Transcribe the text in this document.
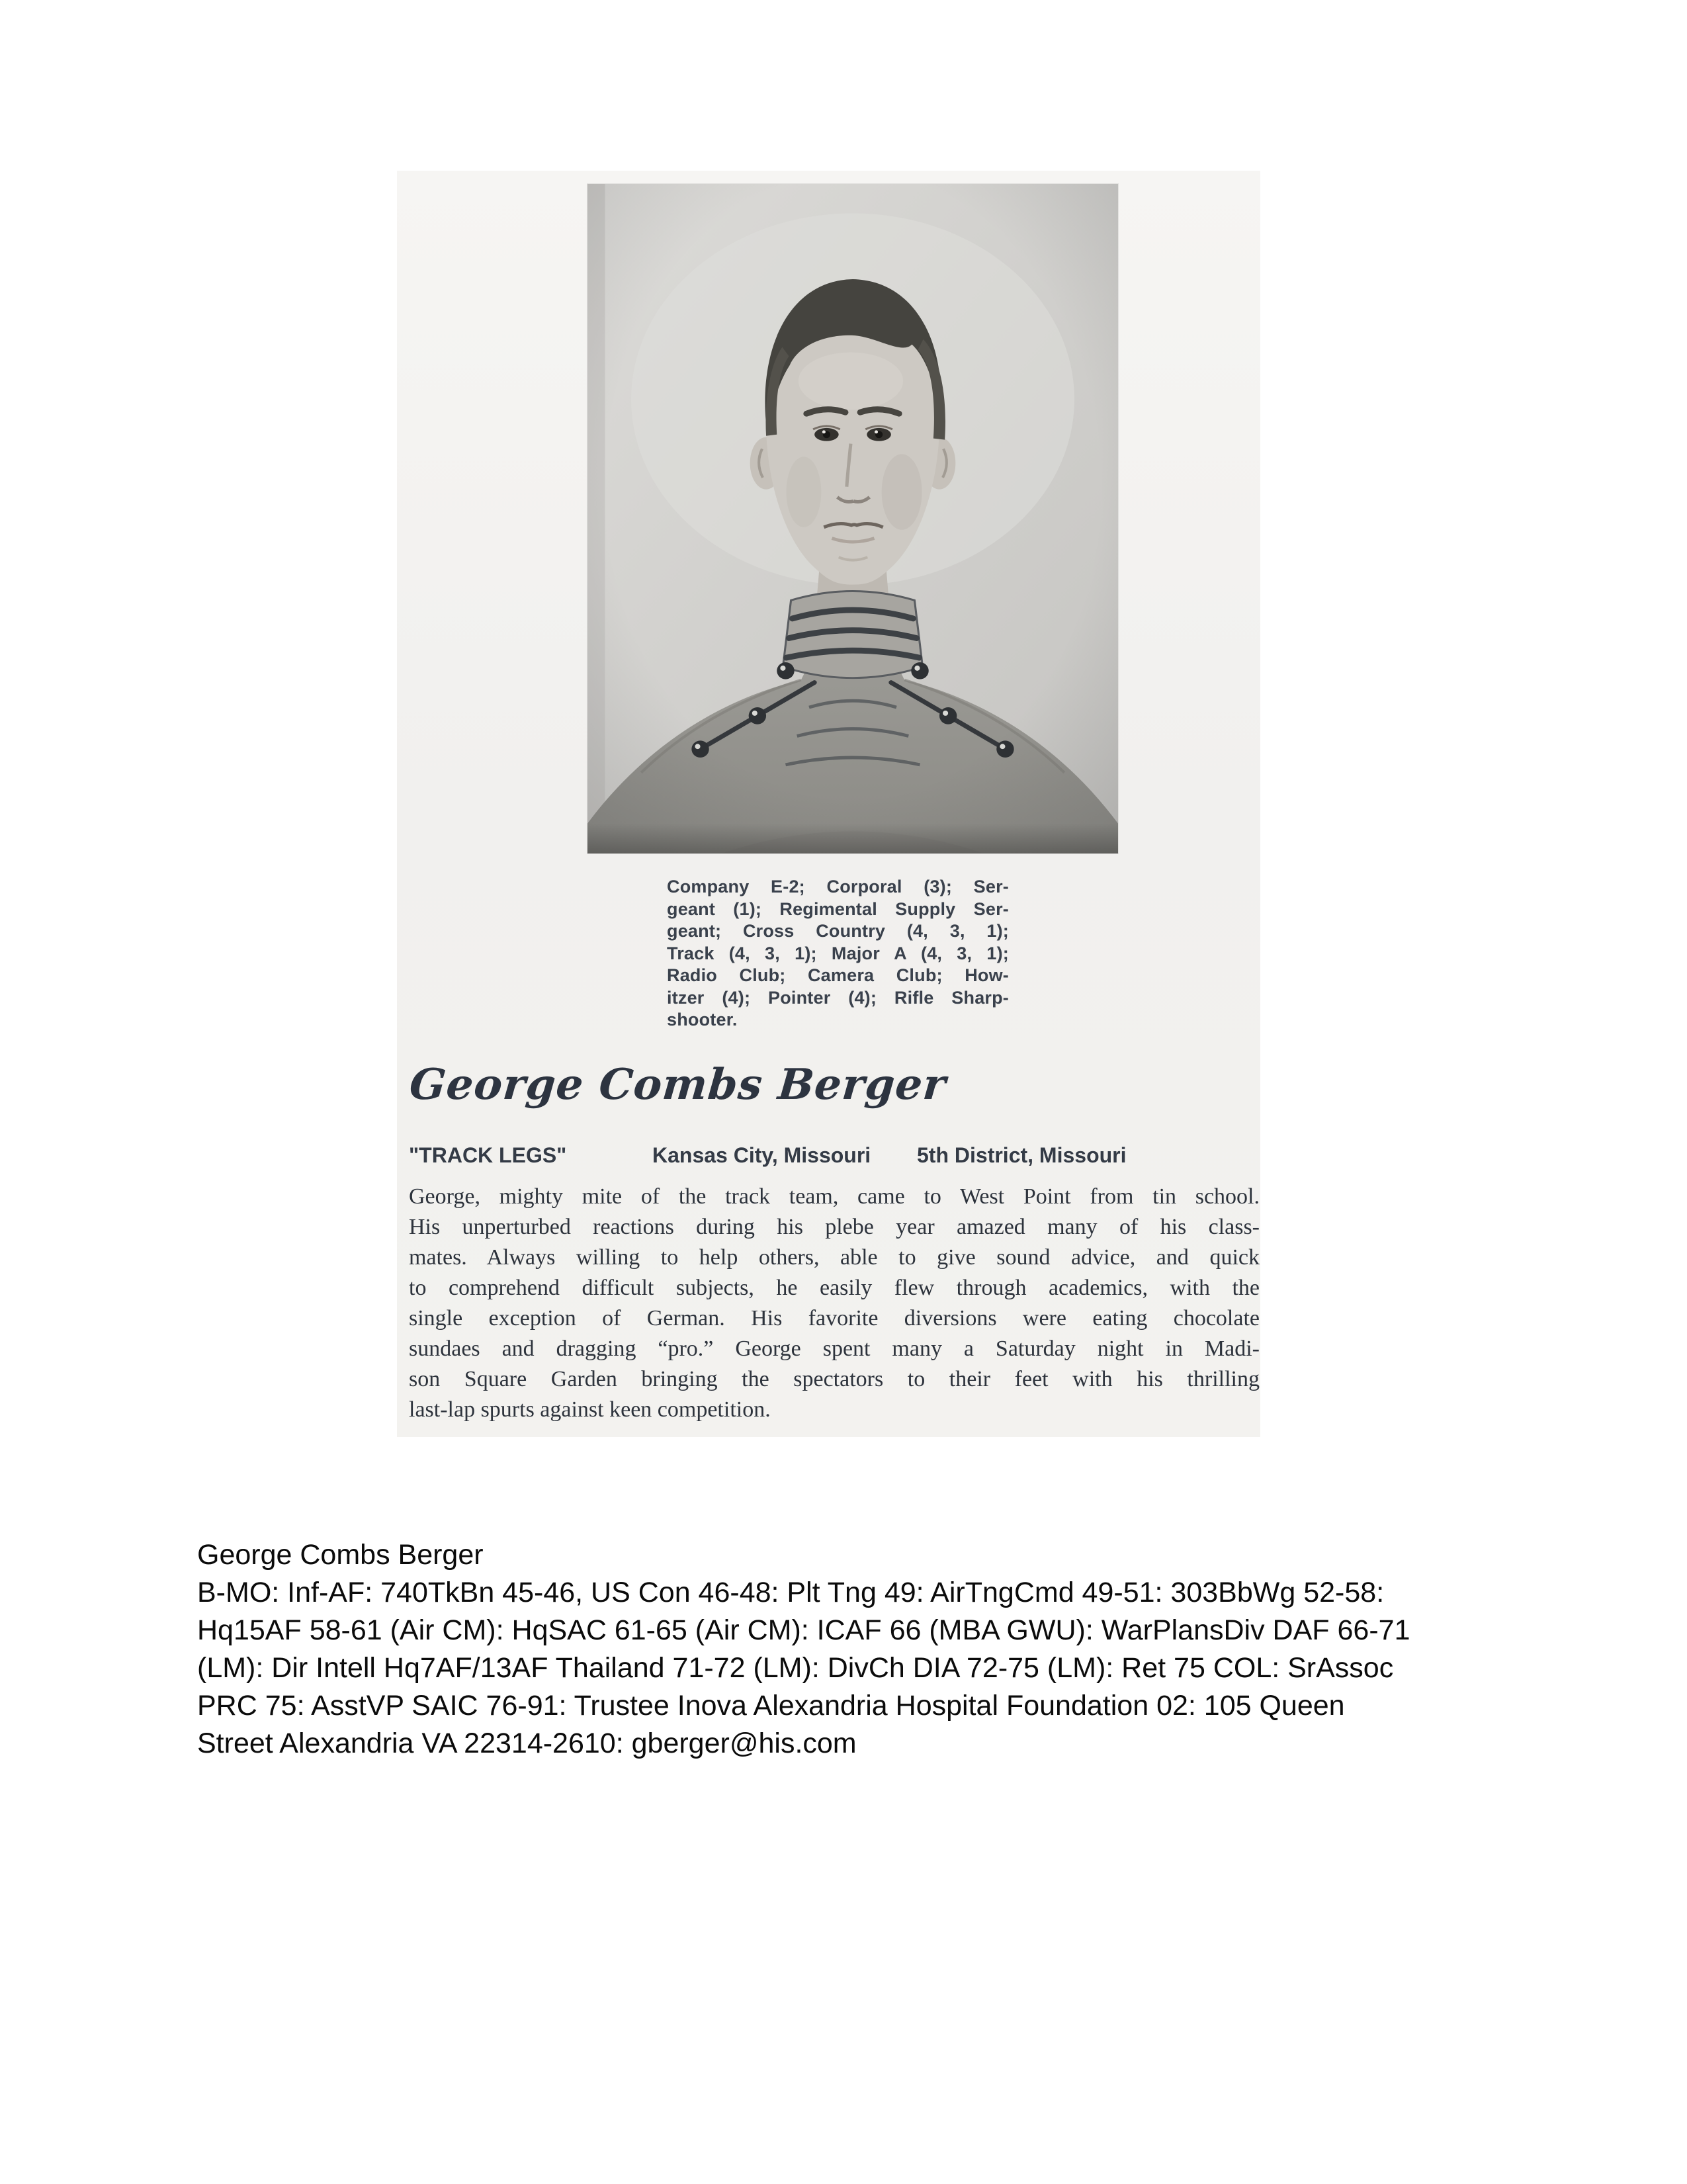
Company E-2; Corporal (3); Ser-
geant (1); Regimental Supply Ser-
geant; Cross Country (4, 3, 1);
Track (4, 3, 1); Major A (4, 3, 1);
Radio Club; Camera Club; How-
itzer (4); Pointer (4); Rifle Sharp-
shooter.
George Combs Berger
"TRACK LEGS"	Kansas City, Missouri 5th District, Missouri
George, mighty mite of the track team, came to West Point from tin school.
His unperturbed reactions during his plebe year amazed many of his class-
mates. Always willing to help others, able to give sound advice, and quick
to comprehend difficult subjects, he easily flew through academics, with the
single exception of German. His favorite diversions were eating chocolate
sundaes and dragging “pro.” George spent many a Saturday night in Madi-
son Square Garden bringing the spectators to their feet with his thrilling
last-lap spurts against keen competition.
George Combs Berger
B-MO: Inf-AF: 740TkBn 45-46, US Con 46-48: Plt Tng 49: AirTngCmd 49-51: 303BbWg 52-58:
Hq15AF 58-61 (Air CM): HqSAC 61-65 (Air CM): ICAF 66 (MBA GWU): WarPlansDiv DAF 66-71
(LM): Dir Intell Hq7AF/13AF Thailand 71-72 (LM): DivCh DIA 72-75 (LM): Ret 75 COL: SrAssoc
PRC 75: AsstVP SAIC 76-91: Trustee Inova Alexandria Hospital Foundation 02: 105 Queen
Street Alexandria VA 22314-2610: gberger@his.com
